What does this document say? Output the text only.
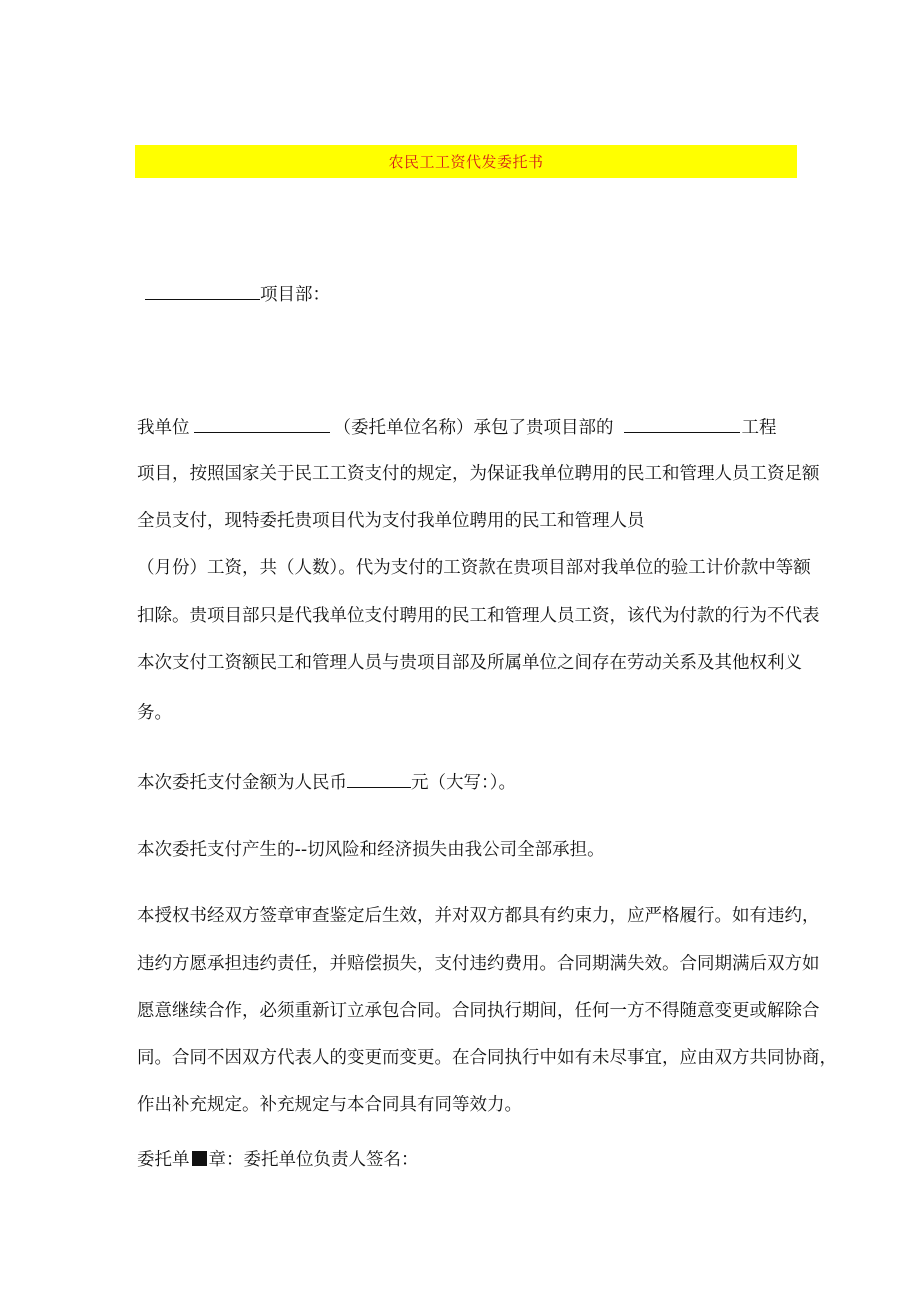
农民工工资代发委托书
项目部：
我单位	（委托单位名称）承包了贵项目部的	工程
项目，按照国家关于民工工资支付的规定，为保证我单位聘用的民工和管理人员工资足额
全员支付，现特委托贵项目代为支付我单位聘用的民工和管理人员
（月份）工资，共（人数）。代为支付的工资款在贵项目部对我单位的验工计价款中等额
扣除。贵项目部只是代我单位支付聘用的民工和管理人员工资，该代为付款的行为不代表
本次支付工资额民工和管理人员与贵项目部及所属单位之间存在劳动关系及其他权利义
务。
本次委托支付金额为人民币	元（大写：）。
本次委托支付产生的--切风险和经济损失由我公司全部承担。
本授权书经双方签章审查鉴定后生效，并对双方都具有约束力，应严格履行。如有违约，
违约方愿承担违约责任，并赔偿损失，支付违约费用。合同期满失效。合同期满后双方如
愿意继续合作，必须重新订立承包合同。合同执行期间，任何一方不得随意变更或解除合
同。合同不因双方代表人的变更而变更。在合同执行中如有未尽事宜，应由双方共同协商，
作出补充规定。补充规定与本合同具有同等效力。
委托单 章：委托单位负责人签名：
